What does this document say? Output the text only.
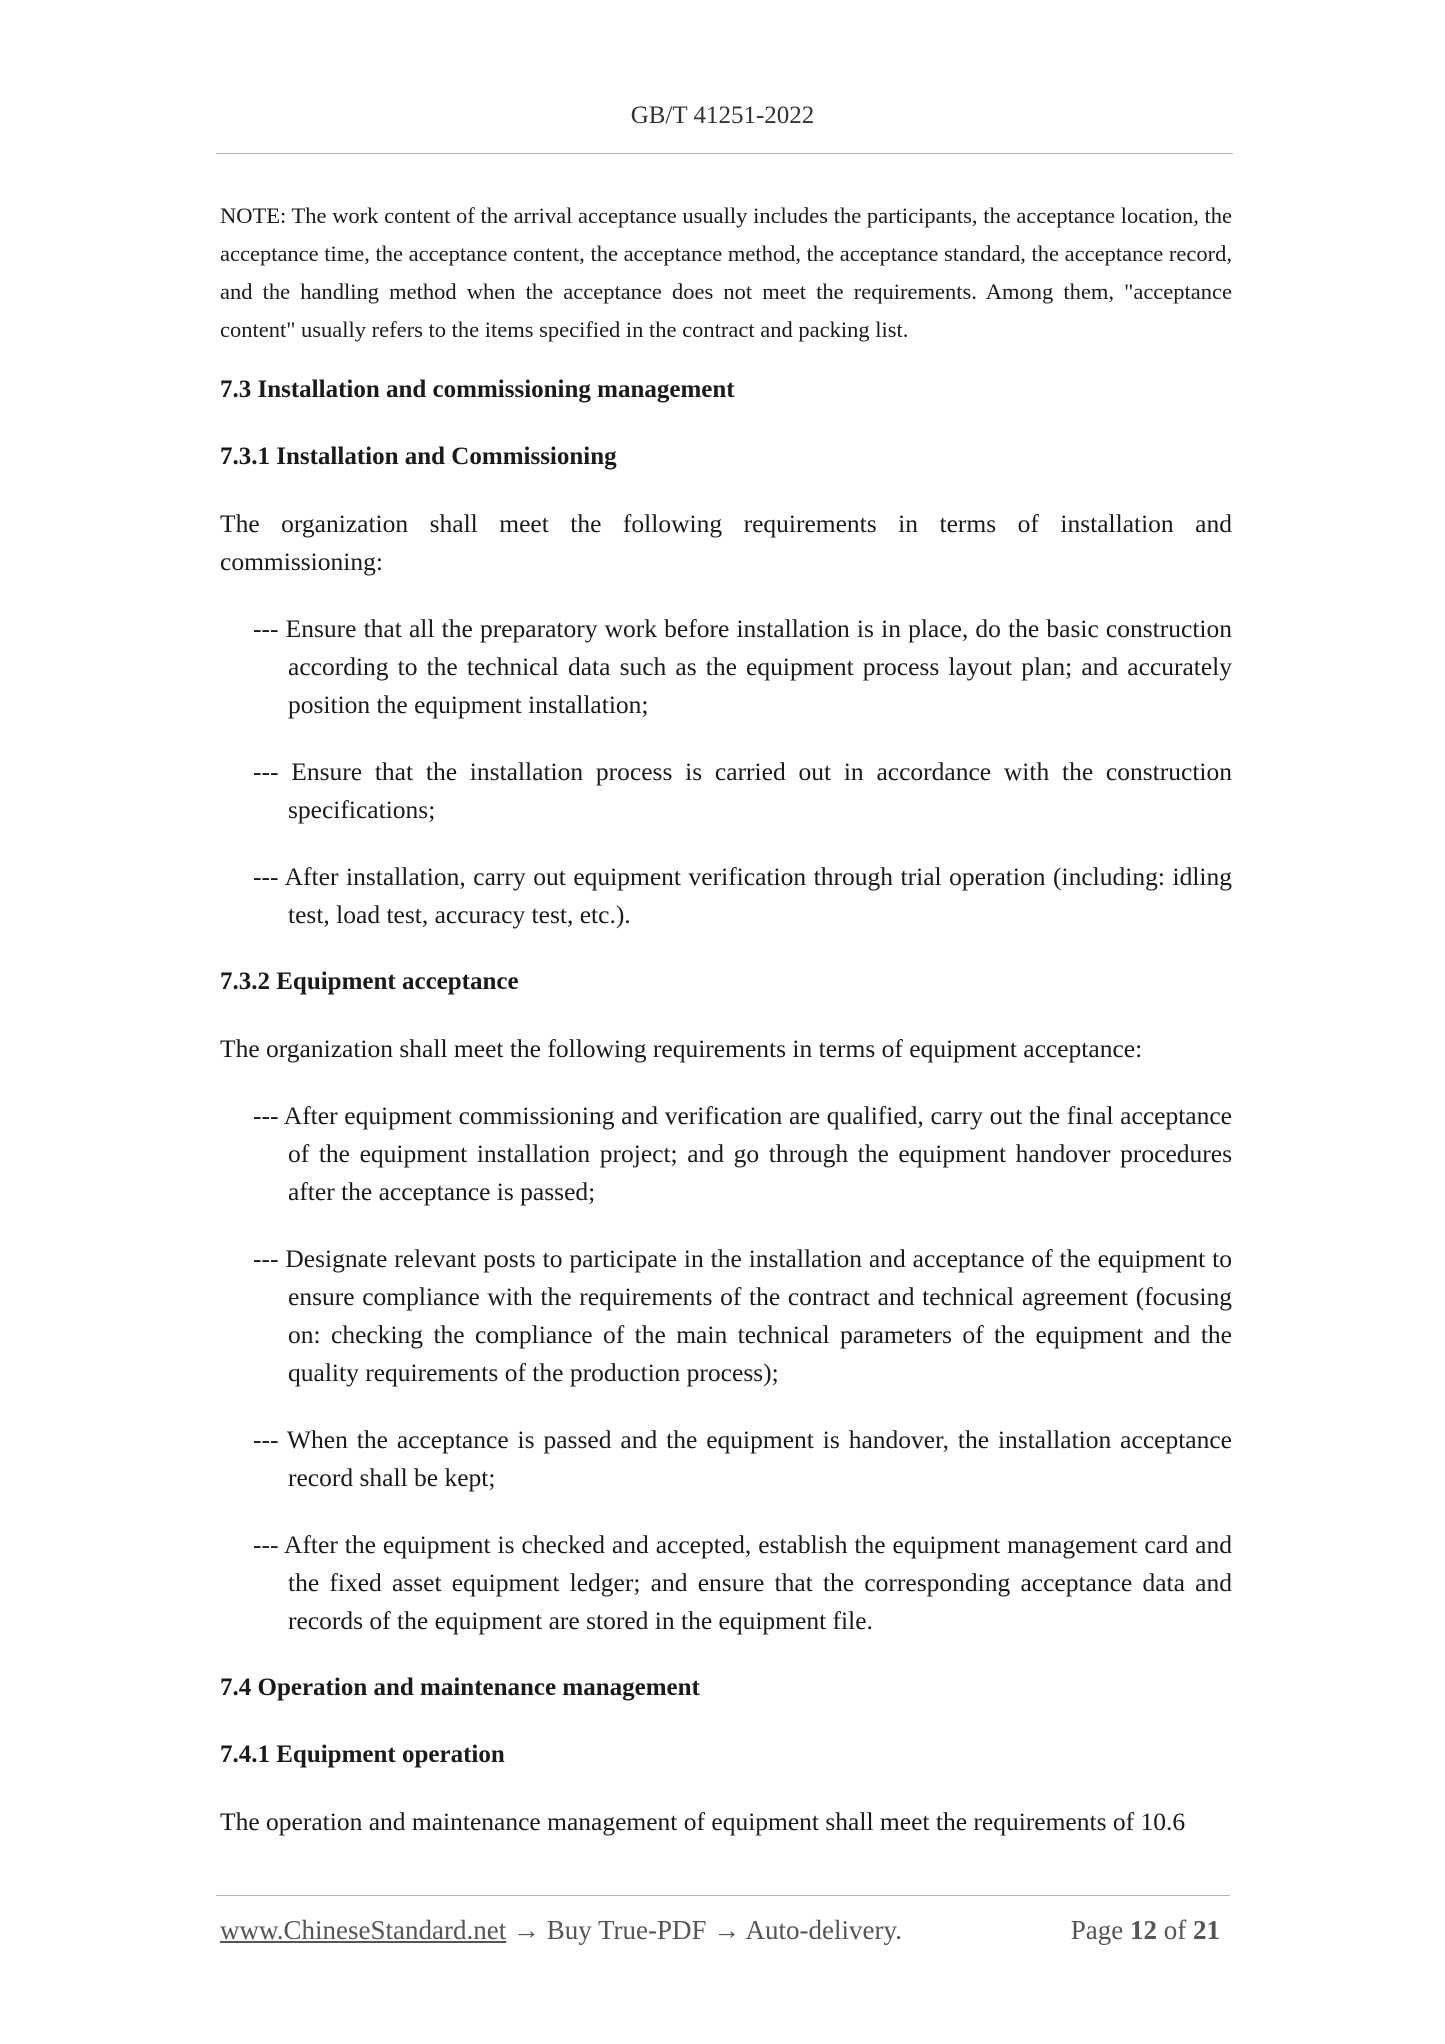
GB/T 41251-2022

NOTE: The work content of the arrival acceptance usually includes the participants, the acceptance location, the acceptance time, the acceptance content, the acceptance method, the acceptance standard, the acceptance record, and the handling method when the acceptance does not meet the requirements. Among them, "acceptance content" usually refers to the items specified in the contract and packing list.

7.3 Installation and commissioning management

7.3.1 Installation and Commissioning

The organization shall meet the following requirements in terms of installation and commissioning:

--- Ensure that all the preparatory work before installation is in place, do the basic construction according to the technical data such as the equipment process layout plan; and accurately position the equipment installation;

--- Ensure that the installation process is carried out in accordance with the construction specifications;

--- After installation, carry out equipment verification through trial operation (including: idling test, load test, accuracy test, etc.).

7.3.2 Equipment acceptance

The organization shall meet the following requirements in terms of equipment acceptance:

--- After equipment commissioning and verification are qualified, carry out the final acceptance of the equipment installation project; and go through the equipment handover procedures after the acceptance is passed;

--- Designate relevant posts to participate in the installation and acceptance of the equipment to ensure compliance with the requirements of the contract and technical agreement (focusing on: checking the compliance of the main technical parameters of the equipment and the quality requirements of the production process);

--- When the acceptance is passed and the equipment is handover, the installation acceptance record shall be kept;

--- After the equipment is checked and accepted, establish the equipment management card and the fixed asset equipment ledger; and ensure that the corresponding acceptance data and records of the equipment are stored in the equipment file.

7.4 Operation and maintenance management

7.4.1 Equipment operation

The operation and maintenance management of equipment shall meet the requirements of 10.6

www.ChineseStandard.net → Buy True-PDF → Auto-delivery.	Page 12 of 21
